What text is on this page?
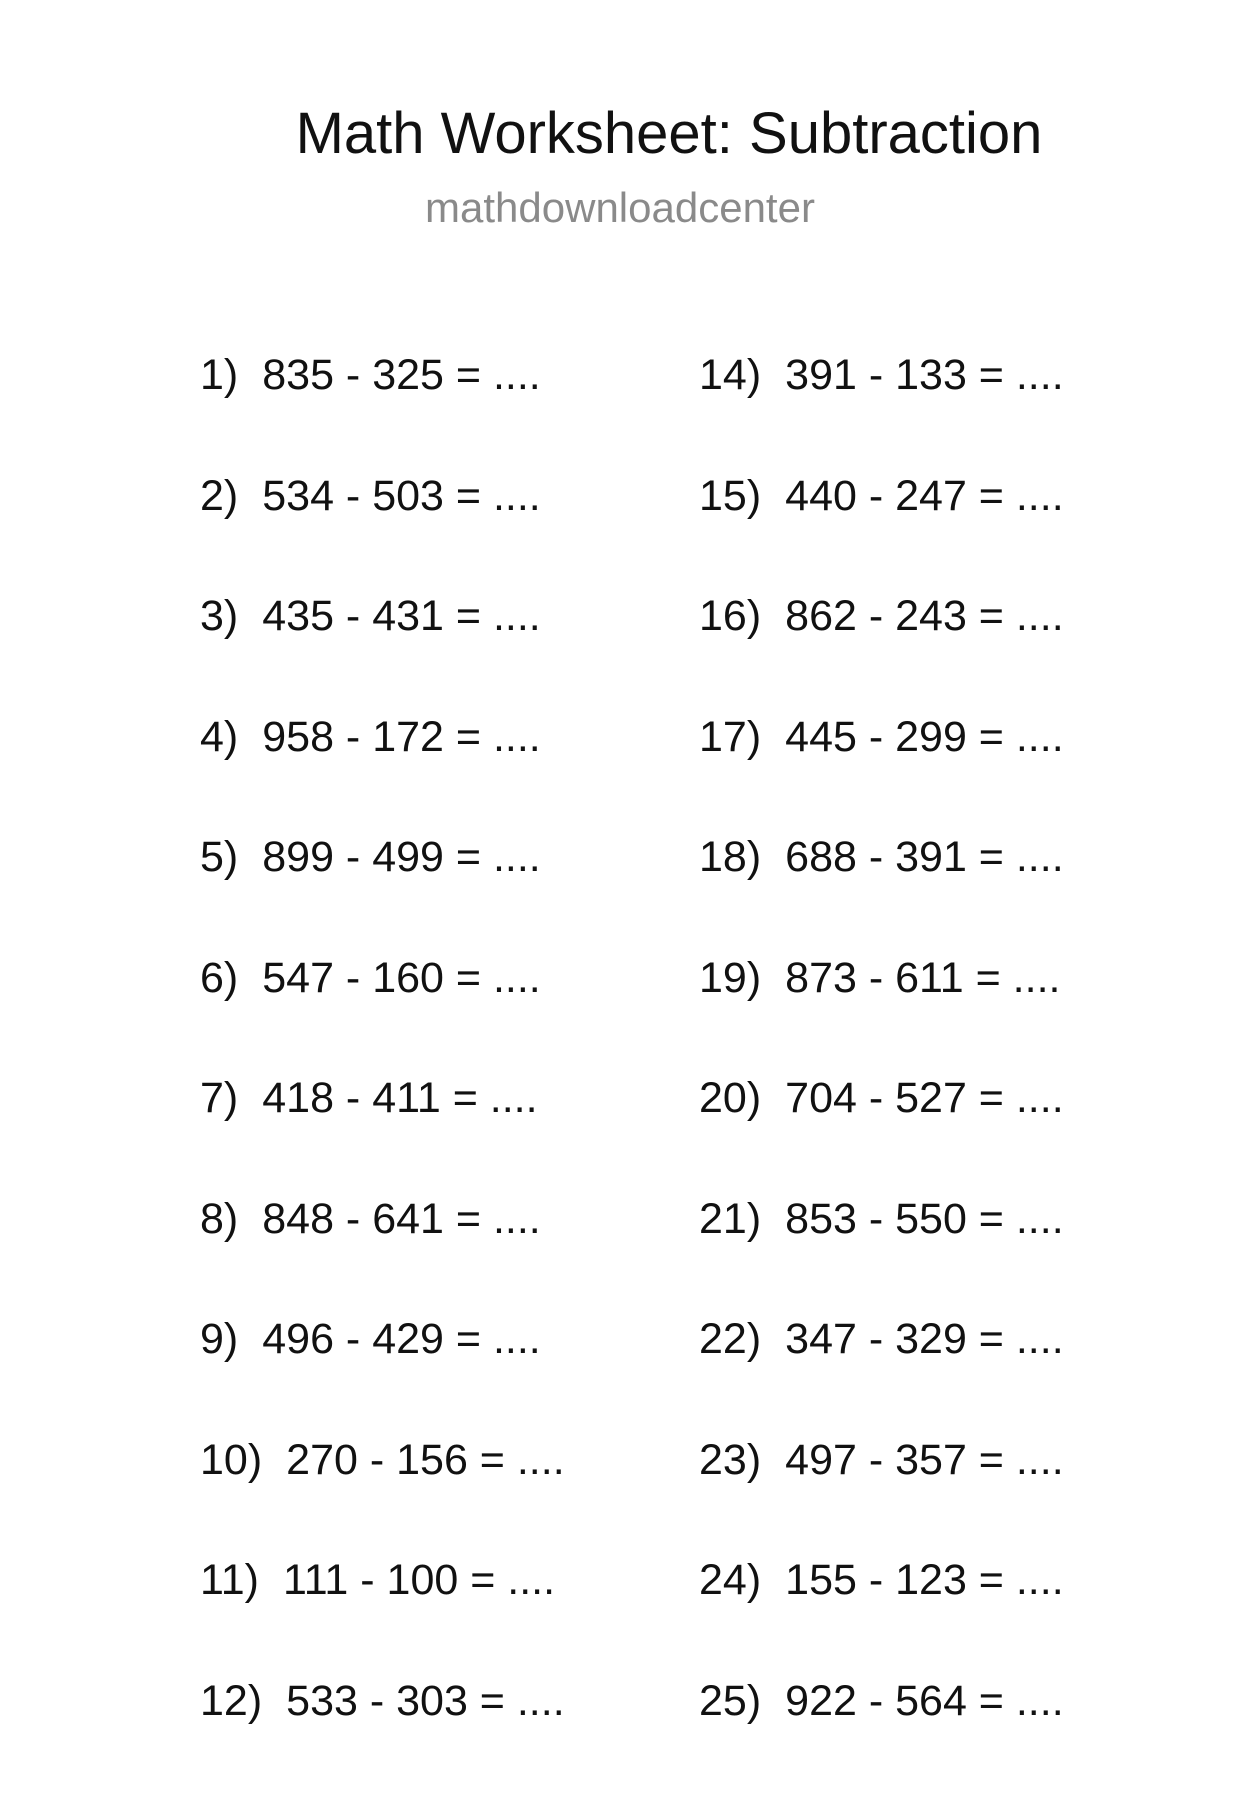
Math Worksheet: Subtraction
mathdownloadcenter
1) 835 - 325 = ....
2) 534 - 503 = ....
3) 435 - 431 = ....
4) 958 - 172 = ....
5) 899 - 499 = ....
6) 547 - 160 = ....
7) 418 - 411 = ....
8) 848 - 641 = ....
9) 496 - 429 = ....
10) 270 - 156 = ....
11) 111 - 100 = ....
12) 533 - 303 = ....
14) 391 - 133 = ....
15) 440 - 247 = ....
16) 862 - 243 = ....
17) 445 - 299 = ....
18) 688 - 391 = ....
19) 873 - 611 = ....
20) 704 - 527 = ....
21) 853 - 550 = ....
22) 347 - 329 = ....
23) 497 - 357 = ....
24) 155 - 123 = ....
25) 922 - 564 = ....
